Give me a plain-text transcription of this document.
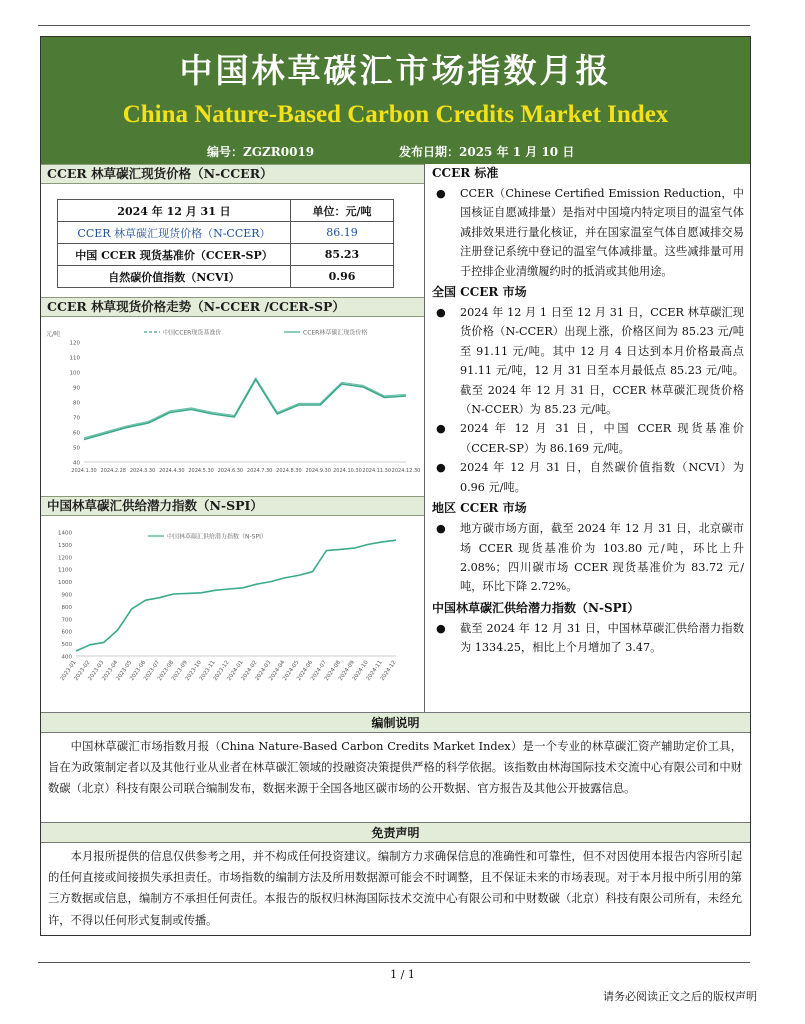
中国林草碳汇市场指数月报
China Nature-Based Carbon Credits Market Index
编号：ZGZR0019	发布日期：2025 年 1 月 10 日
CCER 林草碳汇现货价格（N-CCER）
2024 年 12 月 31 日	单位：元/吨
CCER 林草碳汇现货价格（N-CCER）	86.19
中国 CCER 现货基准价（CCER-SP）	85.23
自然碳价值指数（NCVI）	0.96
CCER 林草现货价格走势（N-CCER /CCER-SP）
120
110
100
90
80
70
60
50
40
元/吨
2024.1.30 2024.2.28 2024.3.30 2024.4.30 2024.5.30 2024.6.30 2024.7.30 2024.8.30 2024.9.30 2024.10.30 2024.11.30 2024.12.30
中国CCER现货基准价	CCER林草碳汇现货价格
中国林草碳汇供给潜力指数（N-SPI）
1400
1300
1200
1100
1000
900
800
700
600
500
400
2023-01
2023-02
2023-03
2023-04
2023-05
2023-06
2023-07
2023-08
2023-09
2023-10
2023-11
2023-12
2024-01
2024-02
2024-03
2024-04
2024-05
2024-06
2024-07
2024-08
2024-09
2024-10
2024-11
2024-12
中国林草碳汇供给潜力指数（N-SPI）
CCER 标准
● CCER（Chinese Certified Emission Reduction，中国核证自愿减排量）是指对中国境内特定项目的温室气体减排效果进行量化核证，并在国家温室气体自愿减排交易注册登记系统中登记的温室气体减排量。这些减排量可用于控排企业清缴履约时的抵消或其他用途。
全国 CCER 市场
● 2024 年 12 月 1 日至 12 月 31 日，CCER 林草碳汇现货价格（N-CCER）出现上涨，价格区间为 85.23 元/吨至 91.11 元/吨。其中 12 月 4 日达到本月价格最高点 91.11 元/吨，12 月 31 日至本月最低点 85.23 元/吨。截至 2024 年 12 月 31 日，CCER 林草碳汇现货价格（N-CCER）为 85.23 元/吨。
● 2024 年 12 月 31 日，中国 CCER 现货基准价（CCER-SP）为 86.169 元/吨。
● 2024 年 12 月 31 日，自然碳价值指数（NCVI）为 0.96 元/吨。
地区 CCER 市场
● 地方碳市场方面，截至 2024 年 12 月 31 日，北京碳市场 CCER 现货基准价为 103.80 元/吨，环比上升 2.08%；四川碳市场 CCER 现货基准价为 83.72 元/吨，环比下降 2.72%。
中国林草碳汇供给潜力指数（N-SPI）
● 截至 2024 年 12 月 31 日，中国林草碳汇供给潜力指数为 1334.25，相比上个月增加了 3.47。
编制说明
中国林草碳汇市场指数月报（China Nature-Based Carbon Credits Market Index）是一个专业的林草碳汇资产辅助定价工具，旨在为政策制定者以及其他行业从业者在林草碳汇领域的投融资决策提供严格的科学依据。该指数由林海国际技术交流中心有限公司和中财数碳（北京）科技有限公司联合编制发布，数据来源于全国各地区碳市场的公开数据、官方报告及其他公开披露信息。
免责声明
本月报所提供的信息仅供参考之用，并不构成任何投资建议。编制方力求确保信息的准确性和可靠性，但不对因使用本报告内容所引起的任何直接或间接损失承担责任。市场指数的编制方法及所用数据源可能会不时调整，且不保证未来的市场表现。对于本月报中所引用的第三方数据或信息，编制方不承担任何责任。本报告的版权归林海国际技术交流中心有限公司和中财数碳（北京）科技有限公司所有，未经允许，不得以任何形式复制或传播。
1 / 1
请务必阅读正文之后的版权声明
